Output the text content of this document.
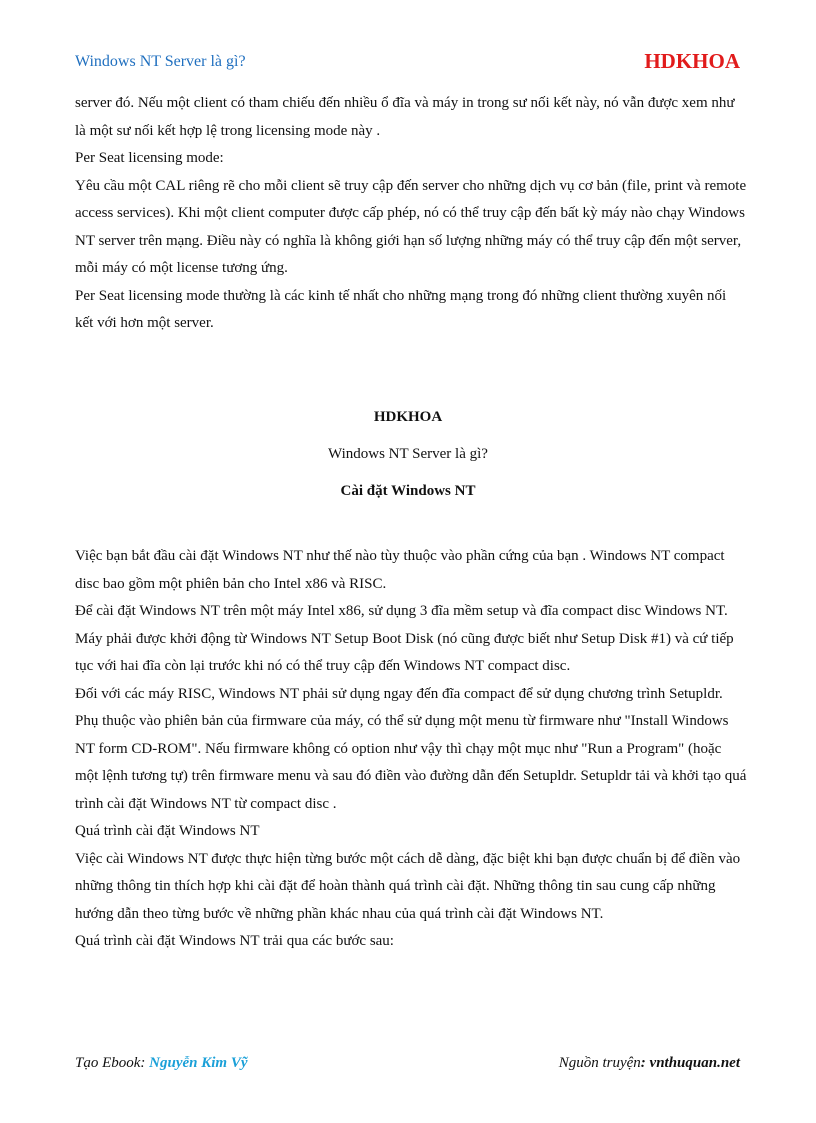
Windows NT Server là gì?	HDKHOA

server đó. Nếu một client có tham chiếu đến nhiều ổ đĩa và máy in trong sư nối kết này, nó vẫn được xem như là một sư nối kết hợp lệ trong licensing mode này .

Per Seat licensing mode:

Yêu cầu một CAL riêng rẽ cho mỗi client sẽ truy cập đến server cho những dịch vụ cơ bản (file, print và remote access services). Khi một client computer được cấp phép, nó có thể truy cập đến bất kỳ máy nào chạy Windows NT server trên mạng. Điều này có nghĩa là không giới hạn số lượng những máy có thể truy cập đến một server, mỗi máy có một license tương ứng.

Per Seat licensing mode thường là các kinh tế nhất cho những mạng trong đó những client thường xuyên nối kết với hơn một server.

HDKHOA
Windows NT Server là gì?
Cài đặt Windows NT

Việc bạn bắt đầu cài đặt Windows NT như thế nào tùy thuộc vào phần cứng của bạn . Windows NT compact disc bao gồm một phiên bản cho Intel x86 và RISC.

Để cài đặt Windows NT trên một máy Intel x86, sử dụng 3 đĩa mềm setup và đĩa compact disc Windows NT. Máy phải được khởi động từ Windows NT Setup Boot Disk (nó cũng được biết như Setup Disk #1) và cứ tiếp tục với hai đĩa còn lại trước khi nó có thể truy cập đến Windows NT compact disc.

Đối với các máy RISC, Windows NT phải sử dụng ngay đến đĩa compact để sử dụng chương trình Setupldr. Phụ thuộc vào phiên bản của firmware của máy, có thể sử dụng một menu từ firmware như "Install Windows NT form CD-ROM". Nếu firmware không có option như vậy thì chạy một mục như "Run a Program" (hoặc một lệnh tương tự) trên firmware menu và sau đó điền vào đường dẫn đến Setupldr. Setupldr tải và khởi tạo quá trình cài đặt Windows NT từ compact disc .

Quá trình cài đặt Windows NT

Việc cài Windows NT được thực hiện từng bước một cách dễ dàng, đặc biệt khi bạn được chuẩn bị để điền vào những thông tin thích hợp khi cài đặt để hoàn thành quá trình cài đặt. Những thông tin sau cung cấp những hướng dẫn theo từng bước về những phần khác nhau của quá trình cài đặt Windows NT.

Quá trình cài đặt Windows NT trải qua các bước sau:

Tạo Ebook: Nguyễn Kim Vỹ	Nguồn truyện: vnthuquan.net
